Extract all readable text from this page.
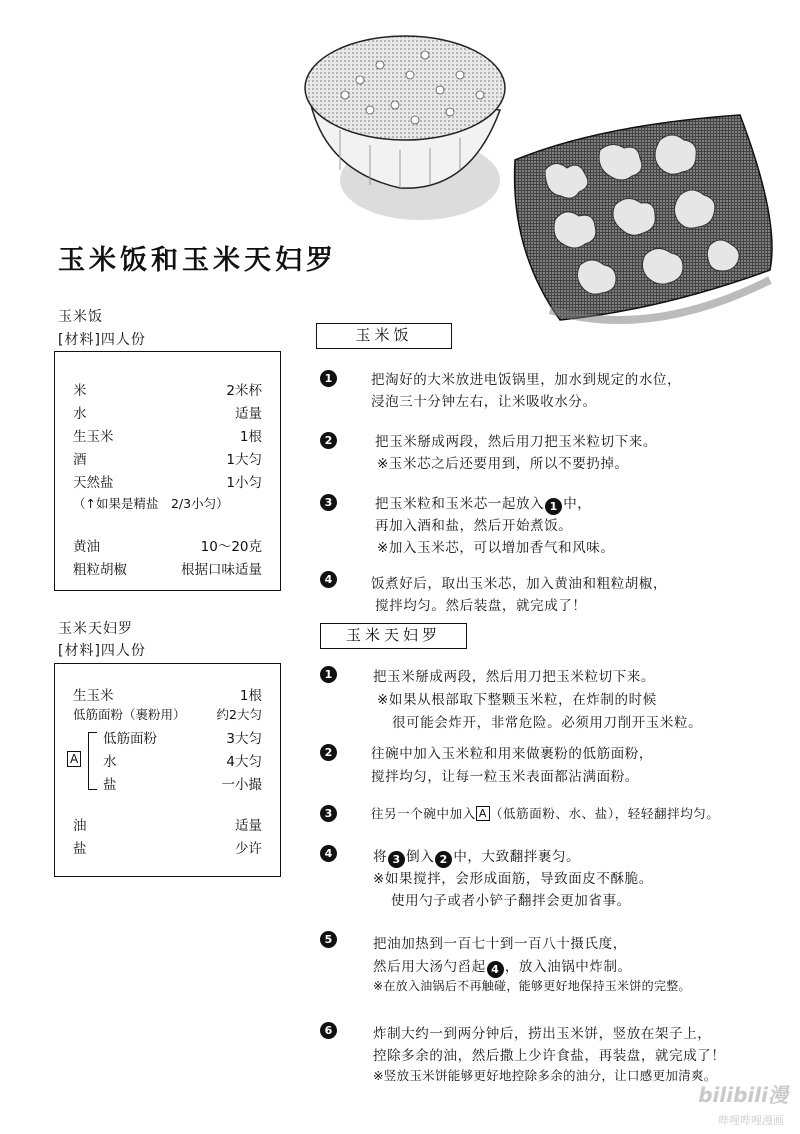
玉米饭和玉米天妇罗
玉米饭
[材料]四人份
米	2米杯
水	适量
生玉米	1根
酒	1大匀
天然盐	1小匀
（↑如果是精盐　2/3小匀）
黄油	10～20克
粗粒胡椒	根据口味适量
玉米天妇罗
[材料]四人份
生玉米	1根
低筋面粉（裹粉用） 约2大匀
A
低筋面粉	3大匀
水	4大匀
盐	一小撮
油	适量
盐	少许
玉米饭
1	把淘好的大米放进电饭锅里，加水到规定的水位，
浸泡三十分钟左右，让米吸收水分。
2	把玉米掰成两段，然后用刀把玉米粒切下来。
※玉米芯之后还要用到，所以不要扔掉。
3	把玉米粒和玉米芯一起放入 1 中，
再加入酒和盐，然后开始煮饭。
※加入玉米芯，可以增加香气和风味。
4	饭煮好后，取出玉米芯，加入黄油和粗粒胡椒，
搅拌均匀。然后装盘，就完成了！
玉米天妇罗
1	把玉米掰成两段，然后用刀把玉米粒切下来。
※如果从根部取下整颗玉米粒，在炸制的时候
很可能会炸开，非常危险。必须用刀削开玉米粒。
2	往碗中加入玉米粒和用来做裹粉的低筋面粉，
搅拌均匀，让每一粒玉米表面都沾满面粉。
3	往另一个碗中加入 A （低筋面粉、水、盐），轻轻翻拌均匀。
4	将 3 倒入 2 中，大致翻拌裹匀。
※如果搅拌，会形成面筋，导致面皮不酥脆。
使用勺子或者小铲子翻拌会更加省事。
5	把油加热到一百七十到一百八十摄氏度，
然后用大汤勺舀起 4 ，放入油锅中炸制。
※在放入油锅后不再触碰，能够更好地保持玉米饼的完整。
6	炸制大约一到两分钟后，捞出玉米饼，竖放在架子上，
控除多余的油，然后撒上少许食盐，再装盘，就完成了！
※竖放玉米饼能够更好地控除多余的油分，让口感更加清爽。
bilibili漫
哔哩哔哩漫画
